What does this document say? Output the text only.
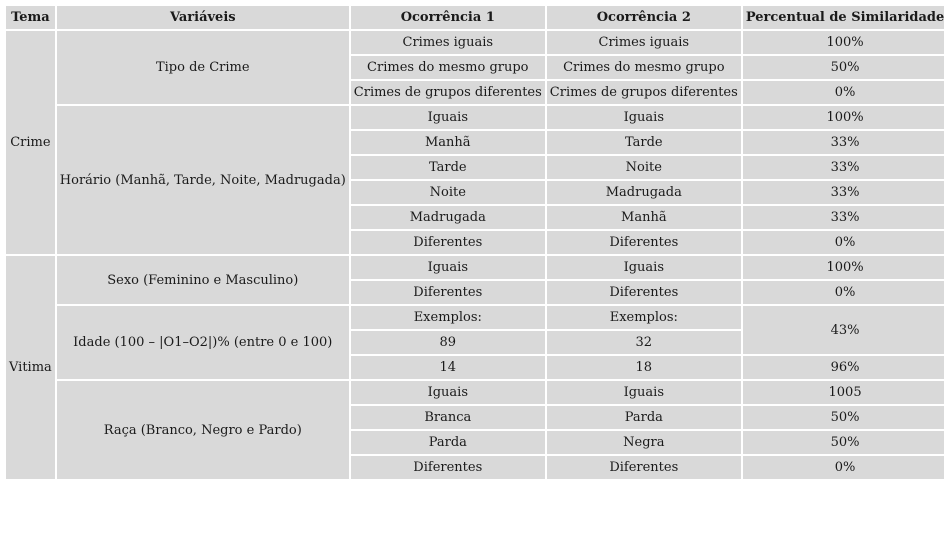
Tema	Variáveis	Ocorrência 1	Ocorrência 2	Percentual de Similaridade
Crime	Tipo de Crime	Crimes iguais	Crimes iguais	100%
		Crimes do mesmo grupo	Crimes do mesmo grupo	50%
		Crimes de grupos diferentes	Crimes de grupos diferentes	0%
	Horário (Manhã, Tarde, Noite, Madrugada)	Iguais	Iguais	100%
		Manhã	Tarde	33%
		Tarde	Noite	33%
		Noite	Madrugada	33%
		Madrugada	Manhã	33%
		Diferentes	Diferentes	0%
Vitima	Sexo (Feminino e Masculino)	Iguais	Iguais	100%
		Diferentes	Diferentes	0%
	Idade (100 – |O1–O2|)% (entre 0 e 100)	Exemplos:	Exemplos:	43%
		89	32	
		14	18	96%
	Raça (Branco, Negro e Pardo)	Iguais	Iguais	1005
		Branca	Parda	50%
		Parda	Negra	50%
		Diferentes	Diferentes	0%
